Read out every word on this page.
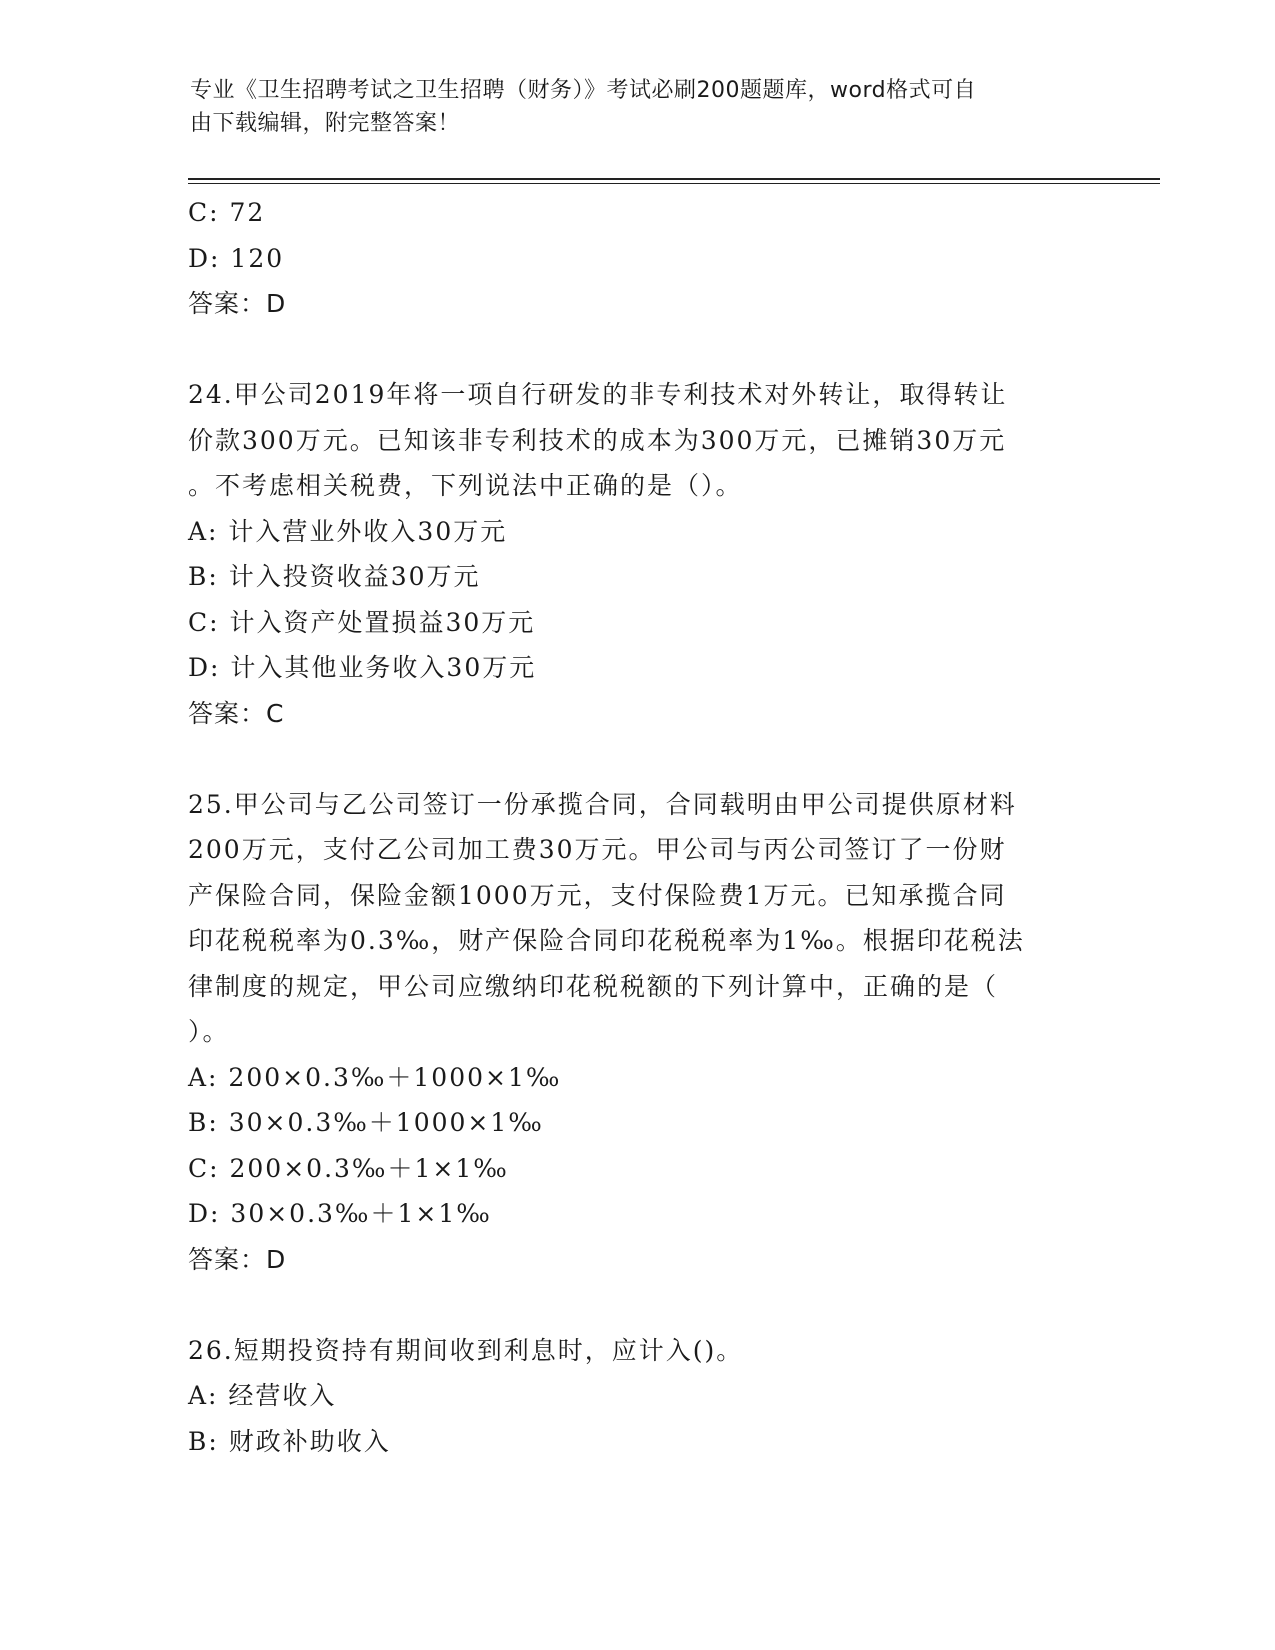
专业《卫生招聘考试之卫生招聘（财务）》考试必刷200题题库，word格式可自
由下载编辑，附完整答案！
C: 72
D: 120
答案：D
24.甲公司2019年将一项自行研发的非专利技术对外转让，取得转让
价款300万元。已知该非专利技术的成本为300万元，已摊销30万元
。不考虑相关税费，下列说法中正确的是（）。
A: 计入营业外收入30万元
B: 计入投资收益30万元
C: 计入资产处置损益30万元
D: 计入其他业务收入30万元
答案：C
25.甲公司与乙公司签订一份承揽合同，合同载明由甲公司提供原材料
200万元，支付乙公司加工费30万元。甲公司与丙公司签订了一份财
产保险合同，保险金额1000万元，支付保险费1万元。已知承揽合同
印花税税率为0.3‰，财产保险合同印花税税率为1‰。根据印花税法
律制度的规定，甲公司应缴纳印花税税额的下列计算中，正确的是（
）。
A: 200×0.3‰＋1000×1‰
B: 30×0.3‰＋1000×1‰
C: 200×0.3‰＋1×1‰
D: 30×0.3‰＋1×1‰
答案：D
26.短期投资持有期间收到利息时，应计入()。
A: 经营收入
B: 财政补助收入
